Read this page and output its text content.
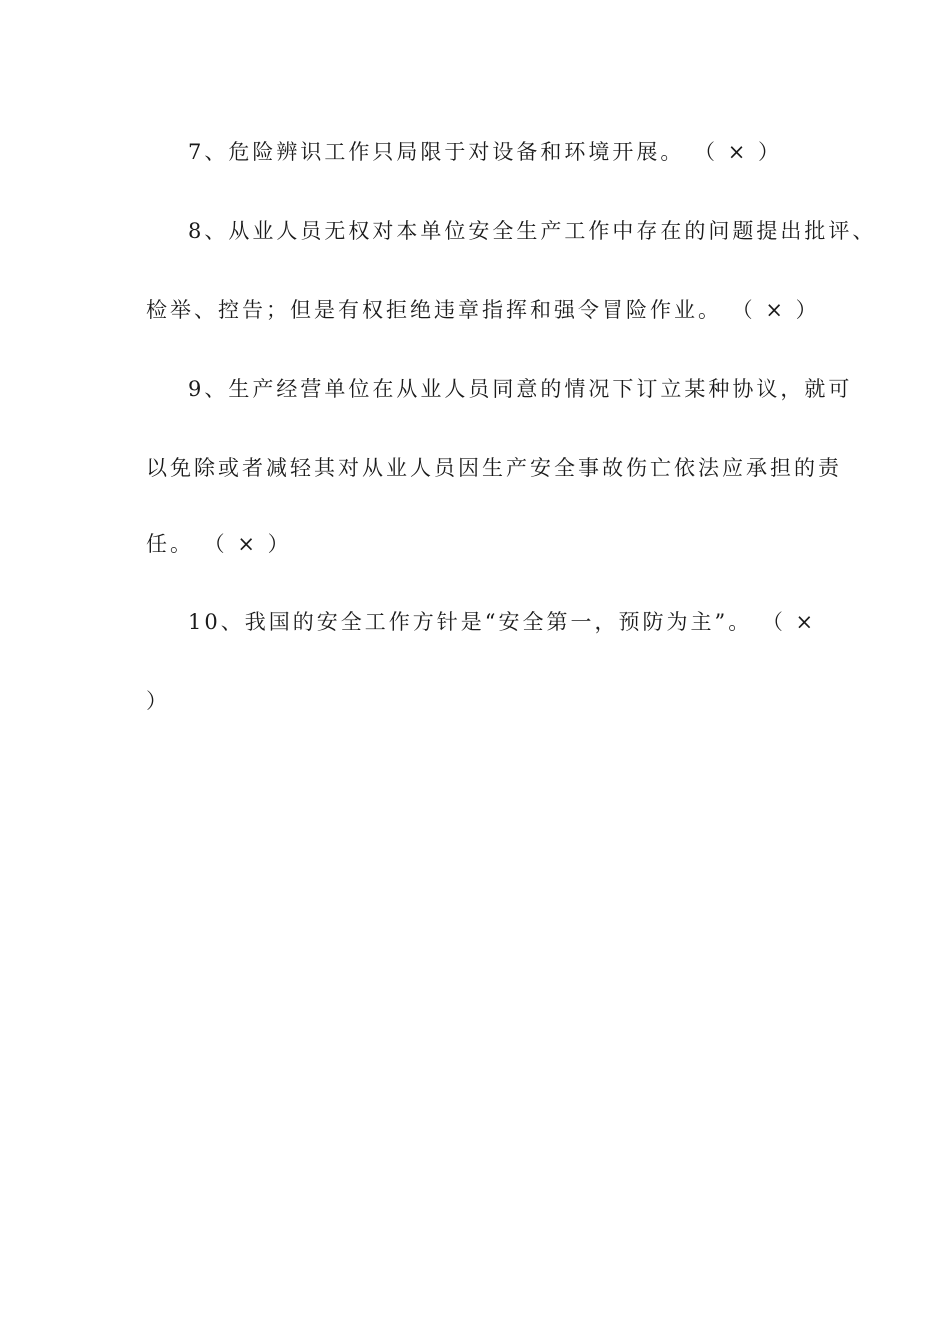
7、危险辨识工作只局限于对设备和环境开展。 （ × ）
8、从业人员无权对本单位安全生产工作中存在的问题提出批评、
检举、控告；但是有权拒绝违章指挥和强令冒险作业。 （ × ）
9、生产经营单位在从业人员同意的情况下订立某种协议，就可
以免除或者减轻其对从业人员因生产安全事故伤亡依法应承担的责
任。 （ × ）
10、我国的安全工作方针是“安全第一，预防为主”。 （ ×
）
